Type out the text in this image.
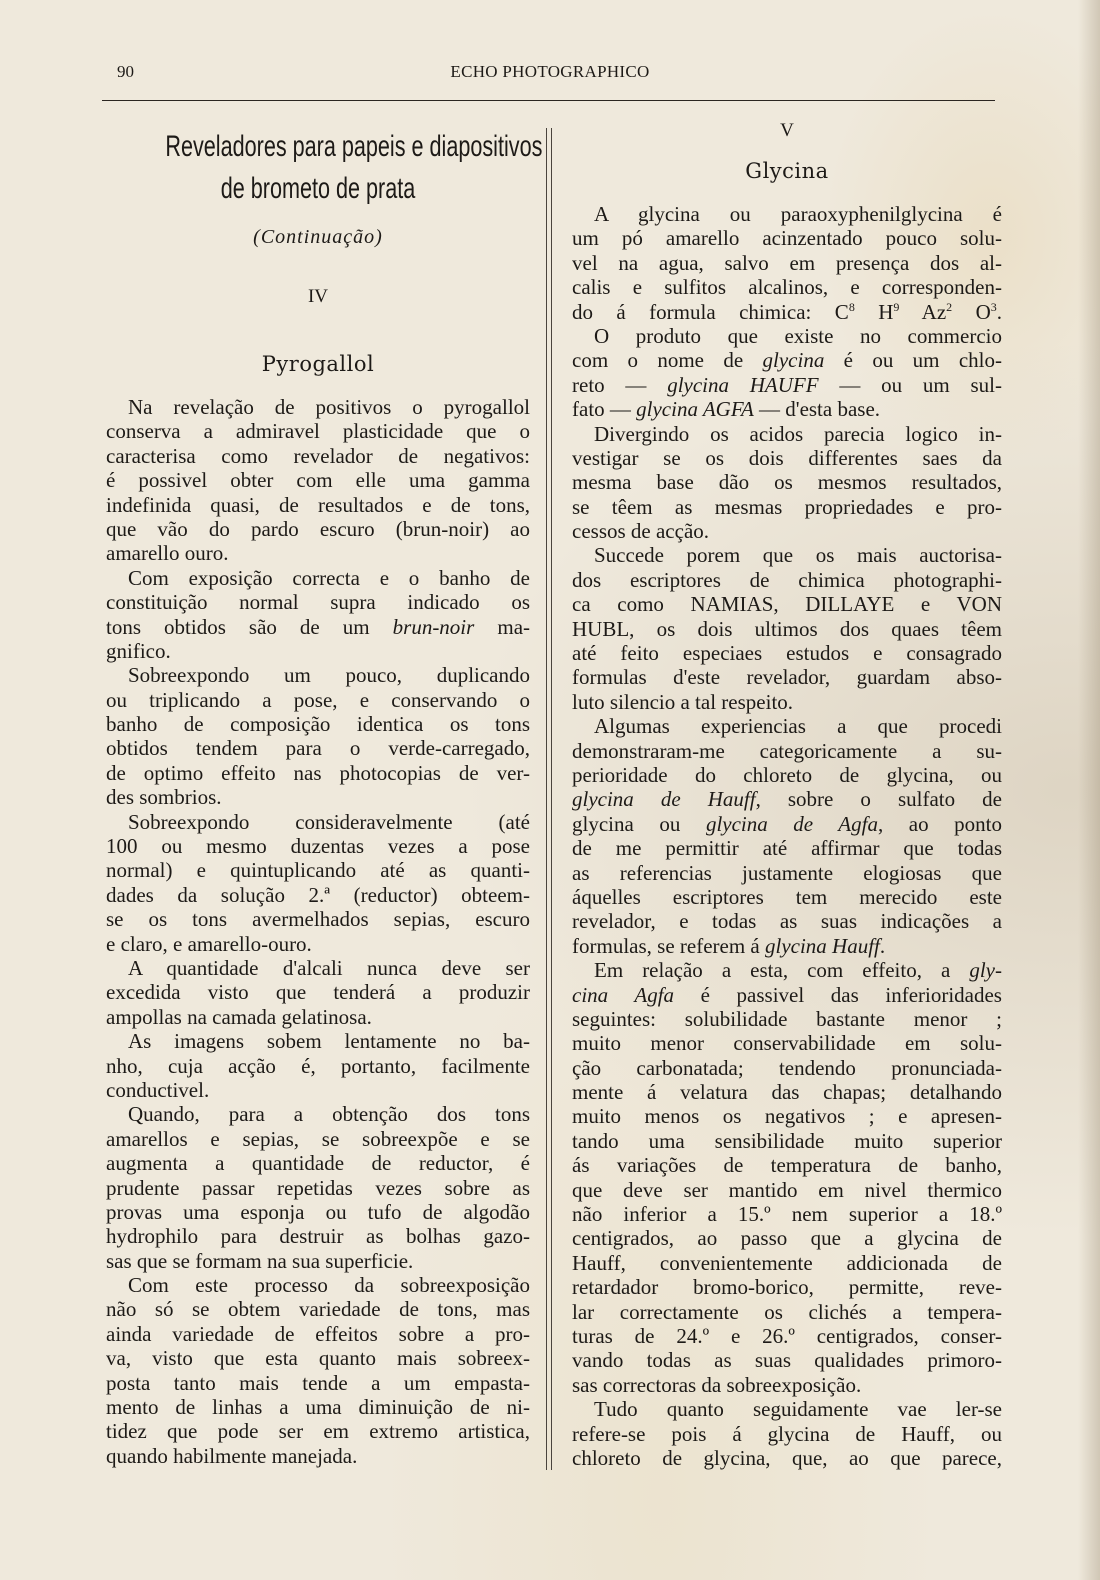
90	ECHO PHOTOGRAPHICO
Reveladores para papeis e diapositivos
de brometo de prata
(Continuação)
IV
Pyrogallol
Na revelação de positivos o pyrogallol
conserva a admiravel plasticidade que o
caracterisa como revelador de negativos:
é possivel obter com elle uma gamma
indefinida quasi, de resultados e de tons,
que vão do pardo escuro (brun-noir) ao
amarello ouro.
Com exposição correcta e o banho de
constituição normal supra indicado os
tons obtidos são de um brun-noir ma-
gnifico.
Sobreexpondo um pouco, duplicando
ou triplicando a pose, e conservando o
banho de composição identica os tons
obtidos tendem para o verde-carregado,
de optimo effeito nas photocopias de ver-
des sombrios.
Sobreexpondo consideravelmente (até
100 ou mesmo duzentas vezes a pose
normal) e quintuplicando até as quanti-
dades da solução 2.ª (reductor) obteem-
se os tons avermelhados sepias, escuro
e claro, e amarello-ouro.
A quantidade d'alcali nunca deve ser
excedida visto que tenderá a produzir
ampollas na camada gelatinosa.
As imagens sobem lentamente no ba-
nho, cuja acção é, portanto, facilmente
conductivel.
Quando, para a obtenção dos tons
amarellos e sepias, se sobreexpõe e se
augmenta a quantidade de reductor, é
prudente passar repetidas vezes sobre as
provas uma esponja ou tufo de algodão
hydrophilo para destruir as bolhas gazo-
sas que se formam na sua superficie.
Com este processo da sobreexposição
não só se obtem variedade de tons, mas
ainda variedade de effeitos sobre a pro-
va, visto que esta quanto mais sobreex-
posta tanto mais tende a um empasta-
mento de linhas a uma diminuição de ni-
tidez que pode ser em extremo artistica,
quando habilmente manejada.
V
Glycina
A glycina ou paraoxyphenilglycina é
um pó amarello acinzentado pouco solu-
vel na agua, salvo em presença dos al-
calis e sulfitos alcalinos, e corresponden-
do á formula chimica: $C^8$ $H^9$ Az$^2$ $O^3$.
O produto que existe no commercio
com o nome de glycina é ou um chlo-
reto — glycina HAUFF — ou um sul-
fato — glycina AGFA — d'esta base.
Divergindo os acidos parecia logico in-
vestigar se os dois differentes saes da
mesma base dão os mesmos resultados,
se têem as mesmas propriedades e pro-
cessos de acção.
Succede porem que os mais auctorisa-
dos escriptores de chimica photographi-
ca como NAMIAS, DILLAYE e VON
HUBL, os dois ultimos dos quaes têem
até feito especiaes estudos e consagrado
formulas d'este revelador, guardam abso-
luto silencio a tal respeito.
Algumas experiencias a que procedi
demonstraram-me categoricamente a su-
perioridade do chloreto de glycina, ou
glycina de Hauff, sobre o sulfato de
glycina ou glycina de Agfa, ao ponto
de me permittir até affirmar que todas
as referencias justamente elogiosas que
áquelles escriptores tem merecido este
revelador, e todas as suas indicações a
formulas, se referem á glycina Hauff.
Em relação a esta, com effeito, a gly-
cina Agfa é passivel das inferioridades
seguintes: solubilidade bastante menor ;
muito menor conservabilidade em solu-
ção carbonatada; tendendo pronunciada-
mente á velatura das chapas; detalhando
muito menos os negativos ; e apresen-
tando uma sensibilidade muito superior
ás variações de temperatura de banho,
que deve ser mantido em nivel thermico
não inferior a 15.º nem superior a 18.º
centigrados, ao passo que a glycina de
Hauff, convenientemente addicionada de
retardador bromo-borico, permitte, reve-
lar correctamente os clichés a tempera-
turas de 24.º e 26.º centigrados, conser-
vando todas as suas qualidades primoro-
sas correctoras da sobreexposição.
Tudo quanto seguidamente vae ler-se
refere-se pois á glycina de Hauff, ou
chloreto de glycina, que, ao que parece,
